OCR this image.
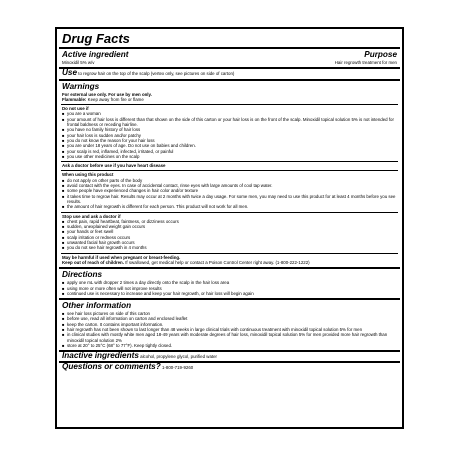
Drug Facts
Active ingredient	Purpose
Minoxidil 5% w/v	Hair regrowth treatment for men
Use to regrow hair on the top of the scalp (vertex only, see pictures on side of carton)
Warnings
For external use only. For use by men only.
Flammable: Keep away from fire or flame
Do not use if
■ you are a woman
■ your amount of hair loss is different than that shown on the side of this carton or your hair loss is on the front of the scalp. Minoxidil topical solution 5% is not intended for frontal baldness or receding hairline.
■ you have no family history of hair loss
■ your hair loss is sudden and/or patchy
■ you do not know the reason for your hair loss
■ you are under 18 years of age. Do not use on babies and children.
■ your scalp is red, inflamed, infected, irritated, or painful
■ you use other medicines on the scalp
Ask a doctor before use if you have heart disease
When using this product
■ do not apply on other parts of the body
■ avoid contact with the eyes. In case of accidental contact, rinse eyes with large amounts of cool tap water.
■ some people have experienced changes in hair color and/or texture
■ it takes time to regrow hair. Results may occur at 2 months with twice a day usage. For some men, you may need to use this product for at least 4 months before you see results.
■ the amount of hair regrowth is different for each person. This product will not work for all men.
Stop use and ask a doctor if
■ chest pain, rapid heartbeat, faintness, or dizziness occurs
■ sudden, unexplained weight gain occurs
■ your hands or feet swell
■ scalp irritation or redness occurs
■ unwanted facial hair growth occurs
■ you do not see hair regrowth in 4 months
May be harmful if used when pregnant or breast-feeding.
Keep out of reach of children. If swallowed, get medical help or contact a Poison Control Center right away. (1-800-222-1222)
Directions
■ apply one mL with dropper 2 times a day directly onto the scalp in the hair loss area
■ using more or more often will not improve results
■ continued use is necessary to increase and keep your hair regrowth, or hair loss will begin again
Other information
■ see hair loss pictures on side of this carton
■ before use, read all information on carton and enclosed leaflet
■ keep the carton. It contains important information.
■ hair regrowth has not been shown to last longer than 48 weeks in large clinical trials with continuous treatment with minoxidil topical solution 5% for men
■ in clinical studies with mostly white men aged 18-49 years with moderate degrees of hair loss, minoxidil topical solution 5% for men provided more hair regrowth than minoxidil topical solution 2%
■ store at 20° to 25°C (68° to 77°F). Keep tightly closed.
Inactive ingredients alcohol, propylene glycol, purified water
Questions or comments? 1-800-719-9260
